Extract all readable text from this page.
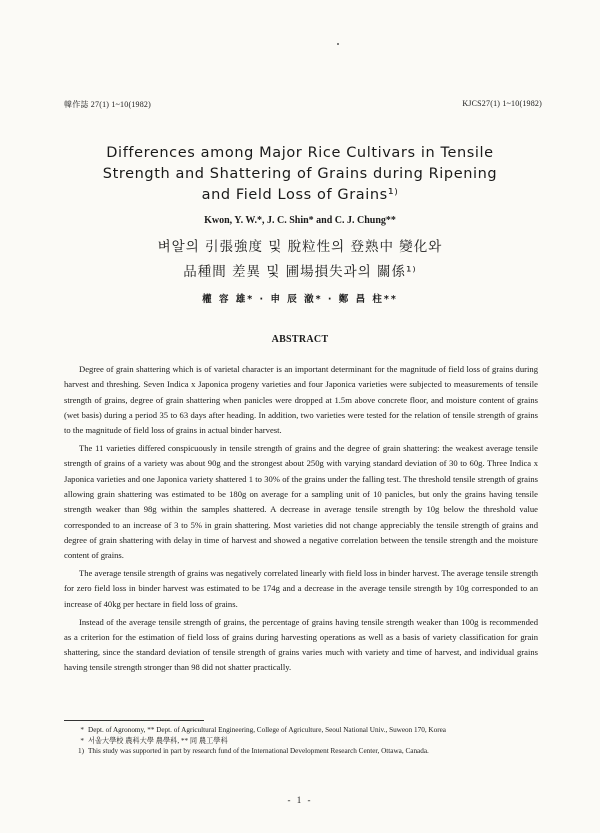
韓作誌 27(1) 1~10(1982)	KJCS27(1) 1~10(1982)
Differences among Major Rice Cultivars in Tensile
Strength and Shattering of Grains during Ripening
and Field Loss of Grains¹⁾
Kwon, Y. W.*, J. C. Shin* and C. J. Chung**
벼알의 引張強度 및 脫粒性의 登熟中 變化와
品種間 差異 및 圃場損失과의 關係¹⁾
權 容 雄* · 申 辰 澈* · 鄭 昌 柱**
ABSTRACT

Degree of grain shattering which is of varietal character is an important determinant for the magnitude of field loss of grains during harvest and threshing. Seven Indica x Japonica progeny varieties and four Japonica varieties were subjected to measurements of tensile strength of grains, degree of grain shattering when panicles were dropped at 1.5m above concrete floor, and moisture content of grains (wet basis) during a period 35 to 63 days after heading. In addition, two varieties were tested for the relation of tensile strength of grains to the magnitude of field loss of grains in actual binder harvest.

The 11 varieties differed conspicuously in tensile strength of grains and the degree of grain shattering: the weakest average tensile strength of grains of a variety was about 90g and the strongest about 250g with varying standard deviation of 30 to 60g. Three Indica x Japonica varieties and one Japonica variety shattered 1 to 30% of the grains under the falling test. The threshold tensile strength of grains allowing grain shattering was estimated to be 180g on average for a sampling unit of 10 panicles, but only the grains having tensile strength weaker than 98g within the samples shattered. A decrease in average tensile strength by 10g below the threshold value corresponded to an increase of 3 to 5% in grain shattering. Most varieties did not change appreciably the tensile strength of grains and degree of grain shattering with delay in time of harvest and showed a negative correlation between the tensile strength and the moisture content of grains.

The average tensile strength of grains was negatively correlated linearly with field loss in binder harvest. The average tensile strength for zero field loss in binder harvest was estimated to be 174g and a decrease in the average tensile strength by 10g corresponded to an increase of 40kg per hectare in field loss of grains.

Instead of the average tensile strength of grains, the percentage of grains having tensile strength weaker than 100g is recommended as a criterion for the estimation of field loss of grains during harvesting operations as well as a basis of variety classification for grain shattering, since the standard deviation of tensile strength of grains varies much with variety and time of harvest, and individual grains having tensile strength stronger than 98 did not shatter practically.

* Dept. of Agronomy, ** Dept. of Agricultural Engineering, College of Agriculture, Seoul National Univ., Suweon 170, Korea
* 서울大學校 農科大學 農學科, ** 同 農工學科
1) This study was supported in part by research fund of the International Development Research Center, Ottawa, Canada.
- 1 -
